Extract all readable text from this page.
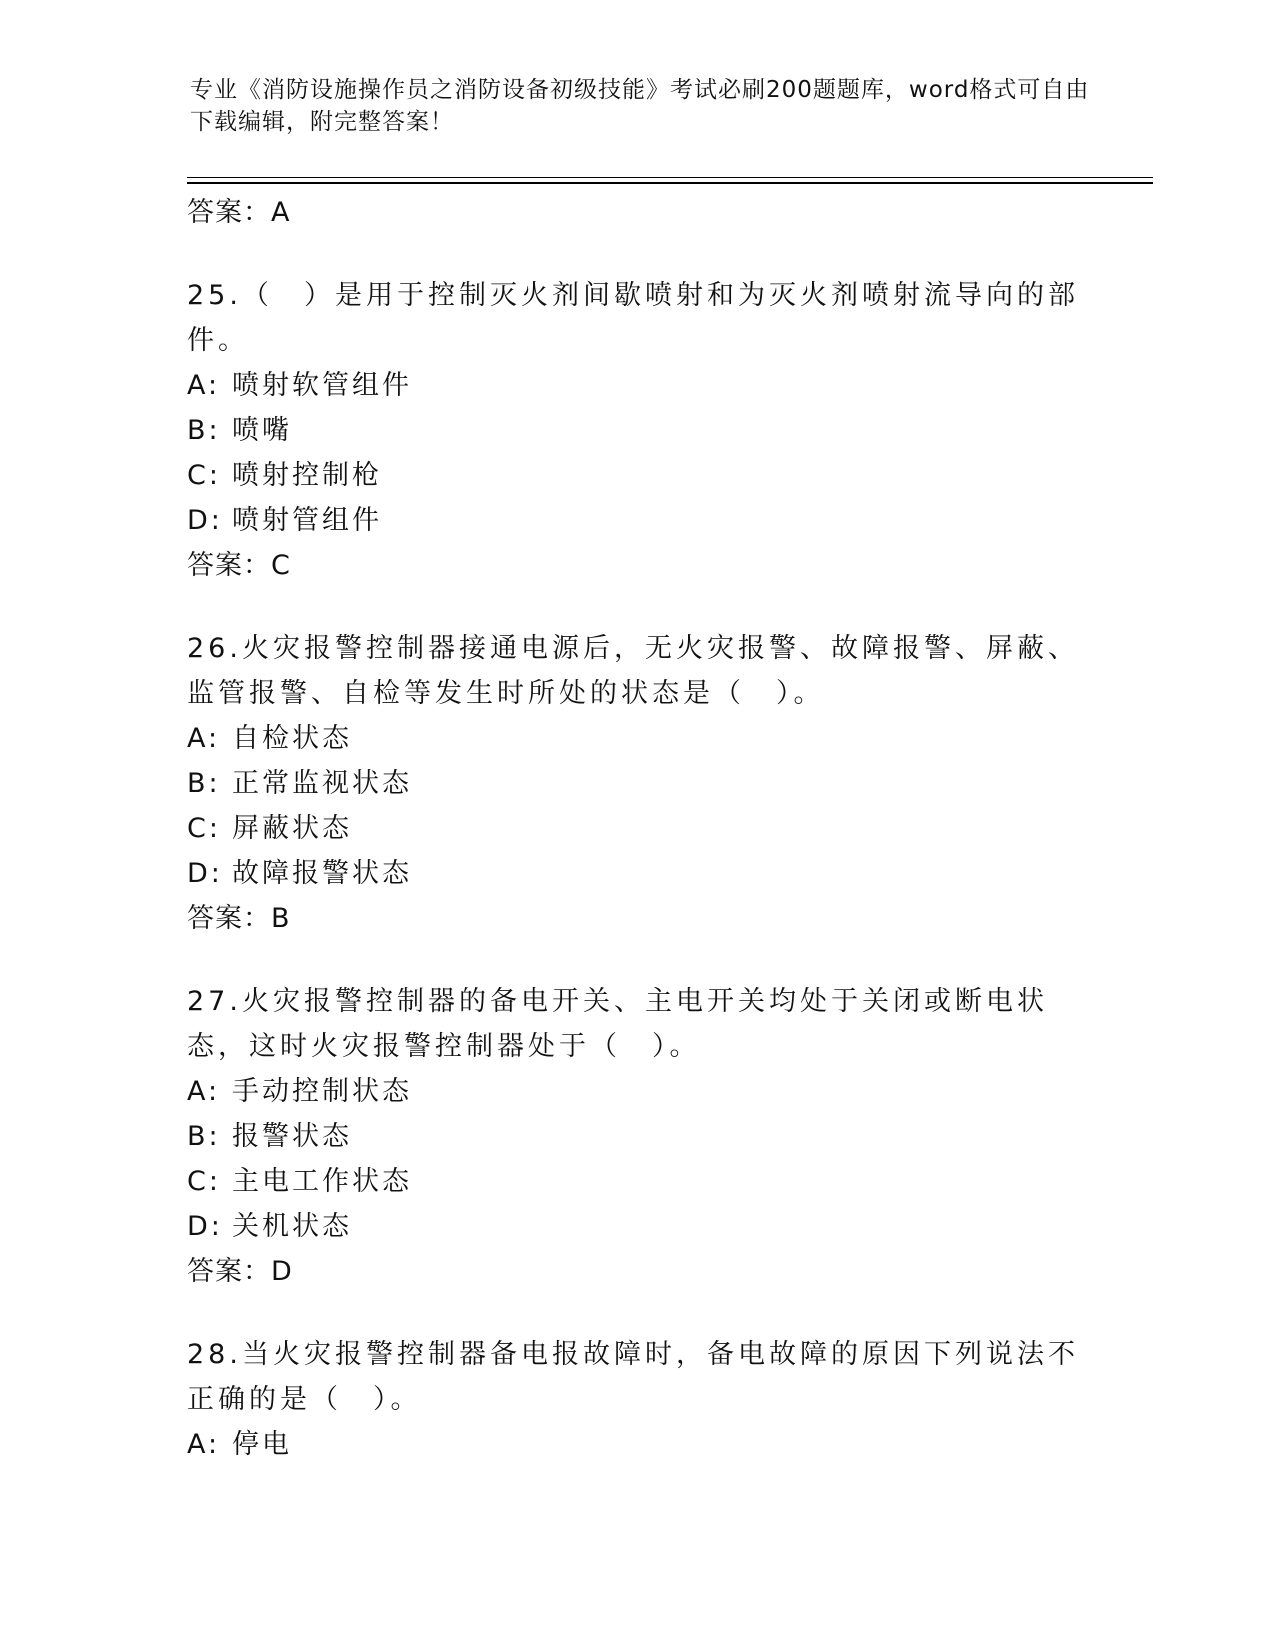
专业《消防设施操作员之消防设备初级技能》考试必刷200题题库，word格式可自由下载编辑，附完整答案！
答案：A
25.（　）是用于控制灭火剂间歇喷射和为灭火剂喷射流导向的部件。
A: 喷射软管组件
B: 喷嘴
C: 喷射控制枪
D: 喷射管组件
答案：C
26.火灾报警控制器接通电源后，无火灾报警、故障报警、屏蔽、监管报警、自检等发生时所处的状态是（　）。
A: 自检状态
B: 正常监视状态
C: 屏蔽状态
D: 故障报警状态
答案：B
27.火灾报警控制器的备电开关、主电开关均处于关闭或断电状态，这时火灾报警控制器处于（　）。
A: 手动控制状态
B: 报警状态
C: 主电工作状态
D: 关机状态
答案：D
28.当火灾报警控制器备电报故障时，备电故障的原因下列说法不正确的是（　）。
A: 停电
